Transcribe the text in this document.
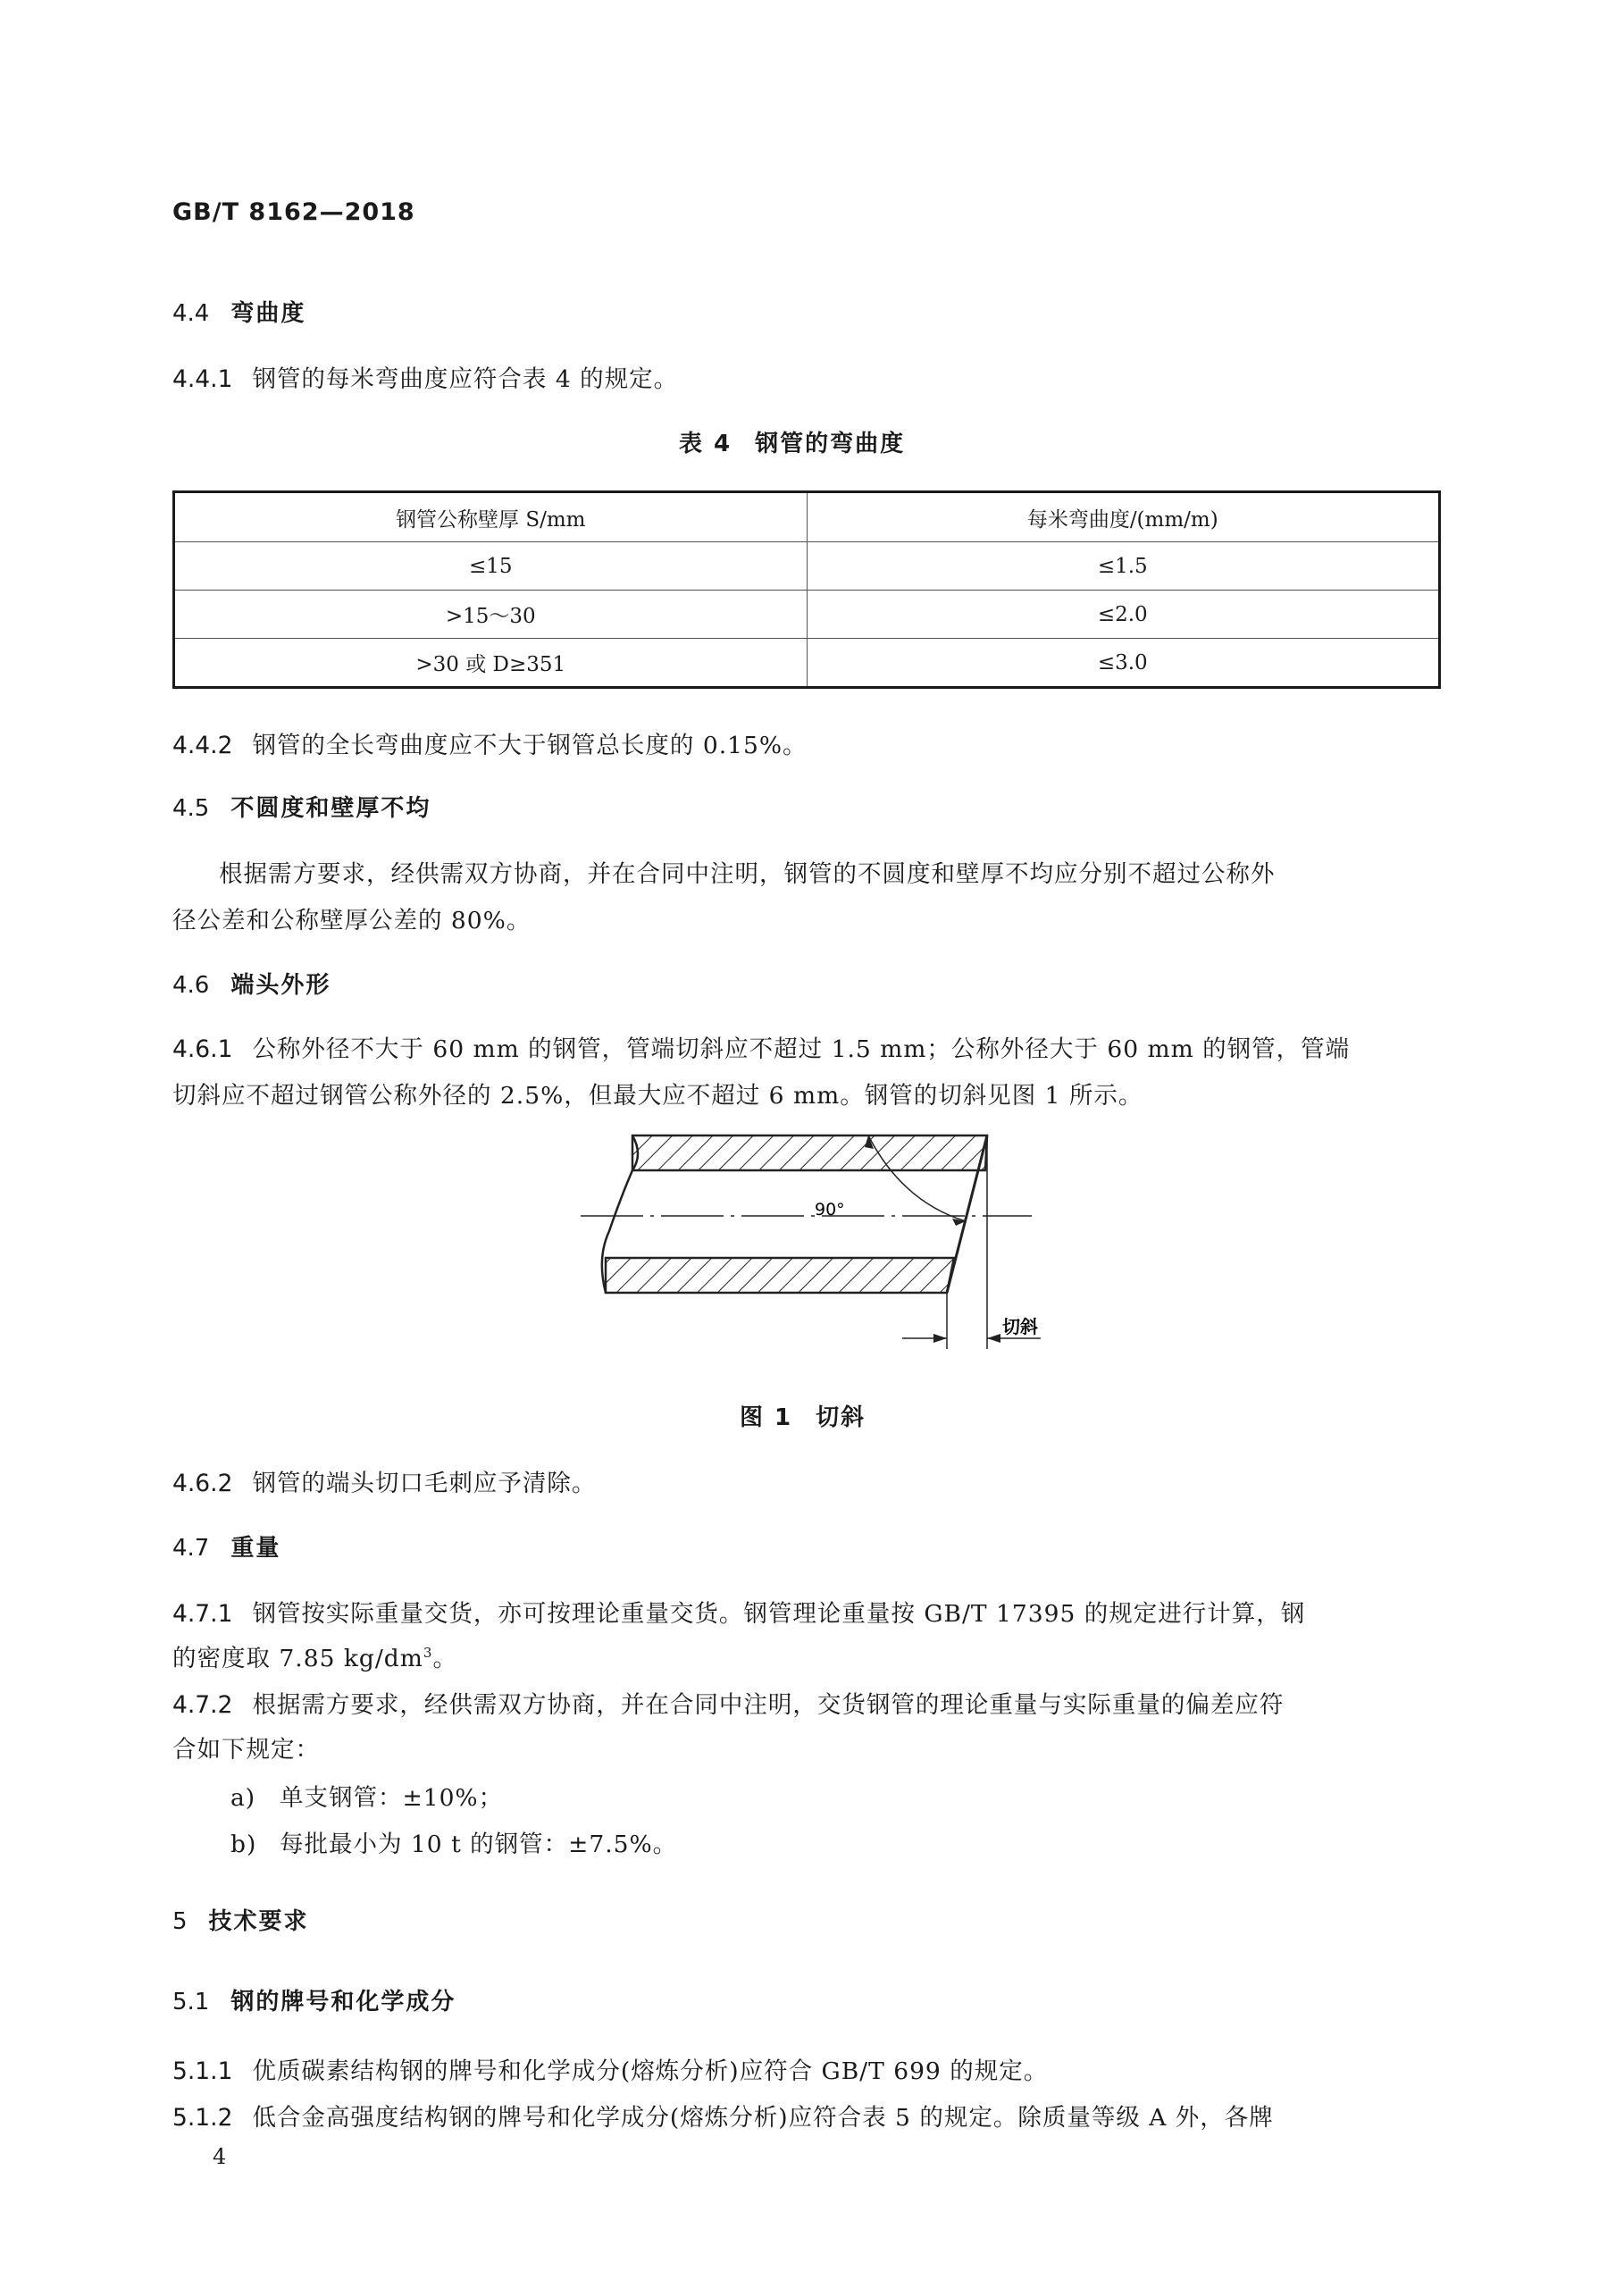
GB/T 8162—2018
4.4 弯曲度
4.4.1 钢管的每米弯曲度应符合表 4 的规定。
表 4 钢管的弯曲度
钢管公称壁厚 S/mm	每米弯曲度/(mm/m)
≤15	≤1.5
>15～30	≤2.0
>30 或 D≥351	≤3.0
4.4.2 钢管的全长弯曲度应不大于钢管总长度的 0.15%。
4.5 不圆度和壁厚不均
根据需方要求，经供需双方协商，并在合同中注明，钢管的不圆度和壁厚不均应分别不超过公称外
径公差和公称壁厚公差的 80%。
4.6 端头外形
4.6.1 公称外径不大于 60 mm 的钢管，管端切斜应不超过 1.5 mm；公称外径大于 60 mm 的钢管，管端
切斜应不超过钢管公称外径的 2.5%，但最大应不超过 6 mm。钢管的切斜见图 1 所示。
90°
切斜
图 1 切斜
4.6.2 钢管的端头切口毛刺应予清除。
4.7 重量
4.7.1 钢管按实际重量交货，亦可按理论重量交货。钢管理论重量按 GB/T 17395 的规定进行计算，钢
的密度取 7.85 $kg/dm^3$。
4.7.2 根据需方要求，经供需双方协商，并在合同中注明，交货钢管的理论重量与实际重量的偏差应符
合如下规定：
a) 单支钢管：±10%；
b) 每批最小为 10 t 的钢管：±7.5%。
5 技术要求
5.1 钢的牌号和化学成分
5.1.1 优质碳素结构钢的牌号和化学成分(熔炼分析)应符合 GB/T 699 的规定。
5.1.2 低合金高强度结构钢的牌号和化学成分(熔炼分析)应符合表 5 的规定。除质量等级 A 外，各牌
4
